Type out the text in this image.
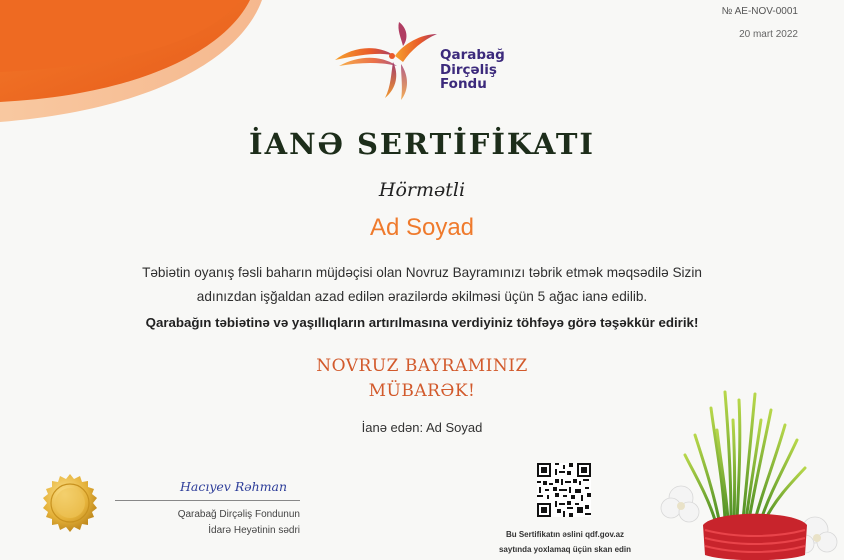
№ AE-NOV-0001
20 mart 2022
Qarabağ
Dirçəliş
Fondu
İANƏ SERTİFİKATI
Hörmətli
Ad Soyad
Təbiətin oyanış fəsli baharın müjdəçisi olan Novruz Bayramınızı təbrik etmək məqsədilə Sizin
adınızdan işğaldan azad edilən ərazilərdə əkilməsi üçün 5 ağac ianə edilib.
Qarabağın təbiətinə və yaşıllıqların artırılmasına verdiyiniz töhfəyə görə təşəkkür edirik!
NOVRUZ BAYRAMINIZ
MÜBARƏK!
İanə edən: Ad Soyad
Hacıyev Rəhman
Qarabağ Dirçəliş Fondunun
İdarə Heyətinin sədri	Bu Sertifikatın əslini qdf.gov.az
saytında yoxlamaq üçün skan edin
